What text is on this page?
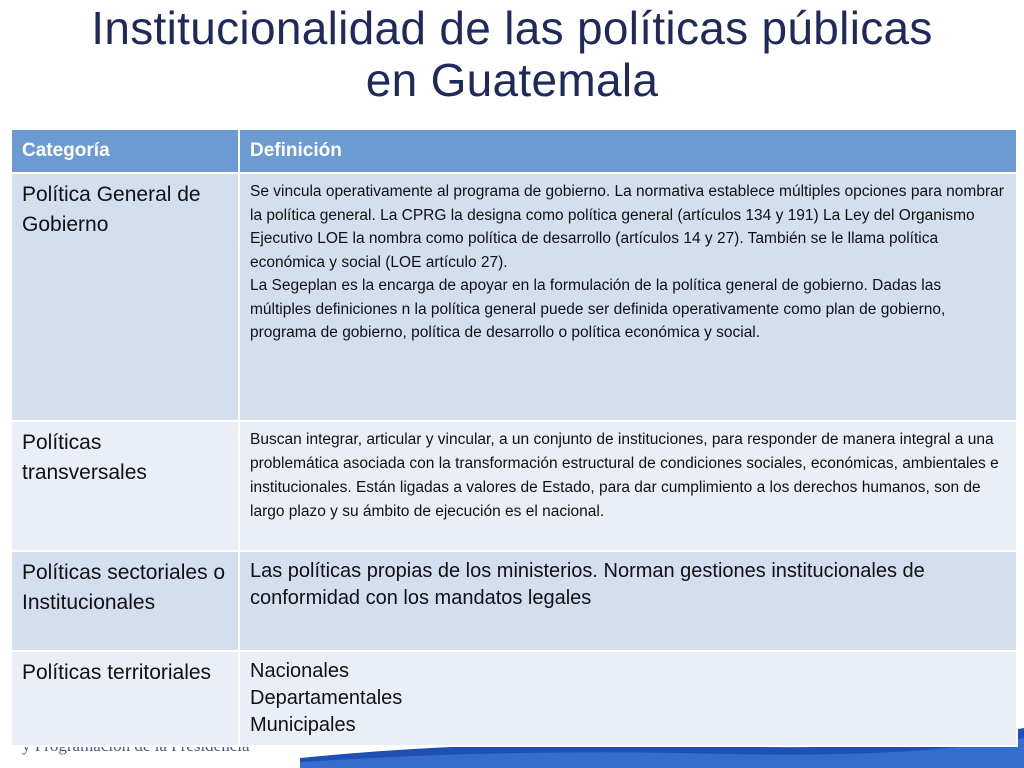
Institucionalidad de las políticas públicas
en Guatemala
Categoría	Definición
Política General de Gobierno	Se vincula operativamente al programa de gobierno. La normativa establece múltiples opciones para nombrar la política general. La CPRG la designa como política general (artículos 134 y 191) La Ley del Organismo Ejecutivo LOE la nombra como política de desarrollo (artículos 14 y 27). También se le llama política económica y social (LOE artículo 27).
La Segeplan es la encarga de apoyar en la formulación de la política general de gobierno. Dadas las múltiples definiciones n la política general puede ser definida operativamente como plan de gobierno, programa de gobierno, política de desarrollo o política económica y social.

Políticas transversales	Buscan integrar, articular y vincular, a un conjunto de instituciones, para responder de manera integral a una problemática asociada con la transformación estructural de condiciones sociales, económicas, ambientales e institucionales. Están ligadas a valores de Estado, para dar cumplimiento a los derechos humanos, son de largo plazo y su ámbito de ejecución es el nacional.
Políticas sectoriales o Institucionales	Las políticas propias de los ministerios. Norman gestiones institucionales de conformidad con los mandatos legales
Políticas territoriales	Nacionales
Departamentales
Municipales
